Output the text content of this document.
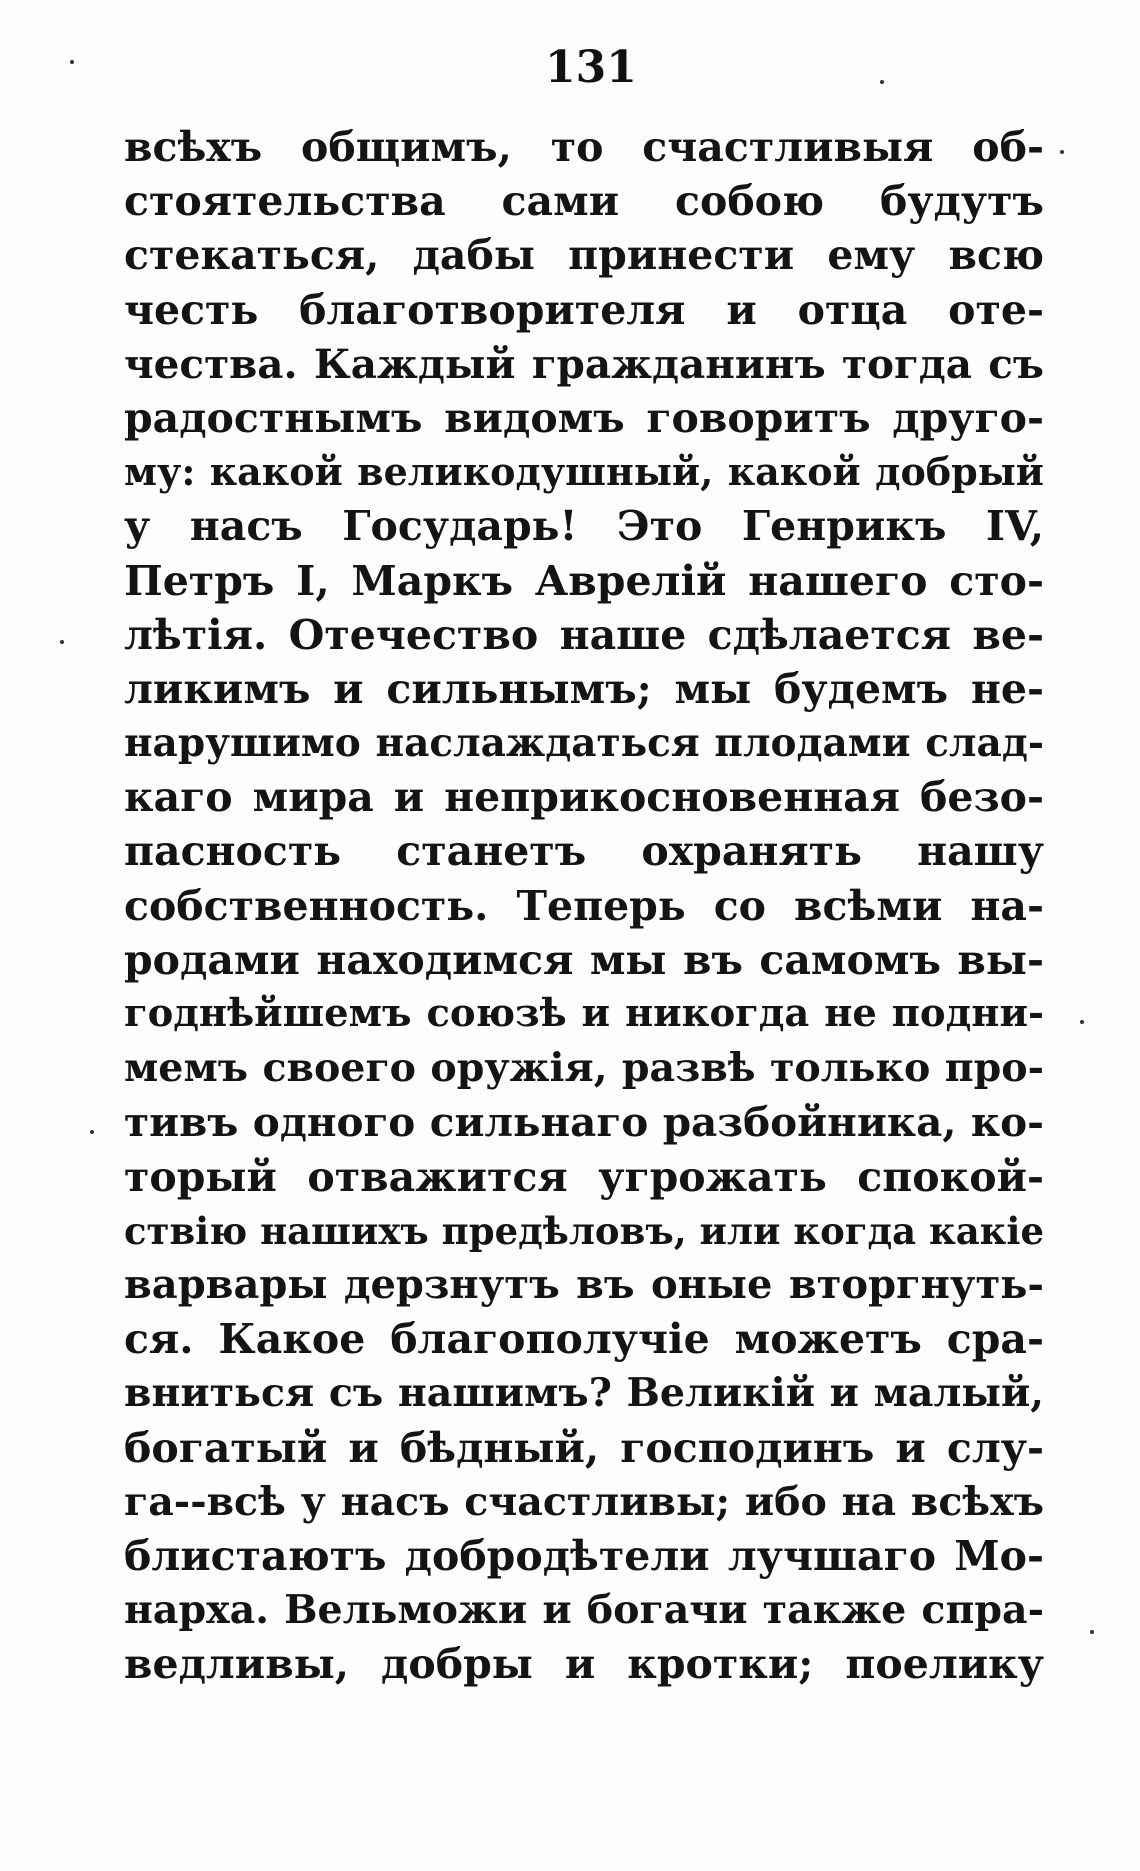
131
всѣхъ общимъ, то счастливыя об-
стоятельства сами собою будутъ
стекаться, дабы принести ему всю
честь благотворителя и отца оте-
чества. Каждый гражданинъ тогда съ
радостнымъ видомъ говоритъ друго-
му: какой великодушный, какой добрый
у насъ Государь! Это Генрикъ IV,
Петръ I, Маркъ Аврелій нашего сто-
лѣтія. Отечество наше сдѣлается ве-
ликимъ и сильнымъ; мы будемъ не-
нарушимо наслаждаться плодами слад-
каго мира и неприкосновенная безо-
пасность станетъ охранять нашу
собственность. Теперь со всѣми на-
родами находимся мы въ самомъ вы-
годнѣйшемъ союзѣ и никогда не подни-
мемъ своего оружія, развѣ только про-
тивъ одного сильнаго разбойника, ко-
торый отважится угрожать спокой-
ствію нашихъ предѣловъ, или когда какіе
варвары дерзнутъ въ оные вторгнуть-
ся. Какое благополучіе можетъ сра-
вниться съ нашимъ? Великій и малый,
богатый и бѣдный, господинъ и слу-
га--всѣ у насъ счастливы; ибо на всѣхъ
блистаютъ добродѣтели лучшаго Мо-
нарха. Вельможи и богачи также спра-
ведливы, добры и кротки; поелику
